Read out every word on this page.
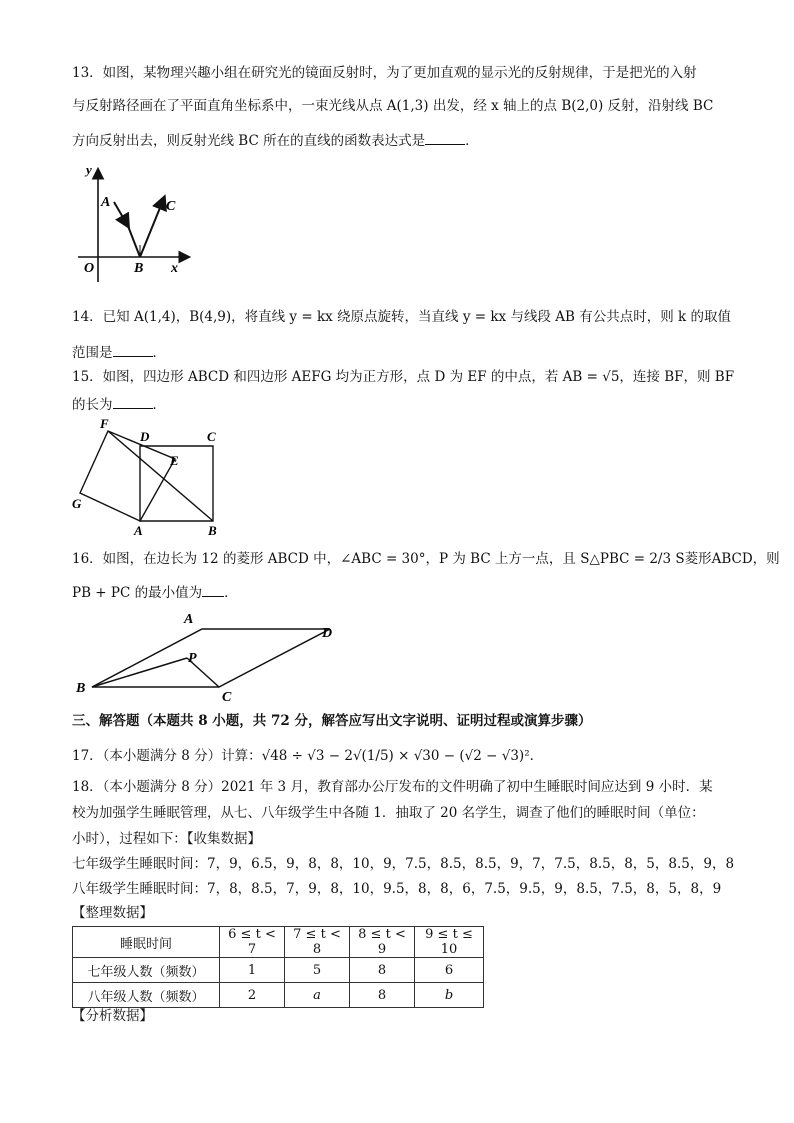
13．如图，某物理兴趣小组在研究光的镜面反射时，为了更加直观的显示光的反射规律，于是把光的入射
与反射路径画在了平面直角坐标系中，一束光线从点 A(1,3) 出发，经 x 轴上的点 B(2,0) 反射，沿射线 BC
方向反射出去，则反射光线 BC 所在的直线的函数表达式是	．
y
A	C
O	B x
14．已知 A(1,4)，B(4,9)，将直线 y = kx 绕原点旋转，当直线 y = kx 与线段 AB 有公共点时，则 k 的取值
范围是	．
15．如图，四边形 ABCD 和四边形 AEFG 均为正方形，点 D 为 EF 的中点，若 AB = √5，连接 BF，则 BF
的长为	．
F
D	C
E
G
A	B
16．如图，在边长为 12 的菱形 ABCD 中，∠ABC = 30°，P 为 BC 上方一点，且 S△PBC = 2/3 S菱形ABCD，则
PB + PC 的最小值为 ．
A
D
P
B
C
三、解答题（本题共 8 小题，共 72 分，解答应写出文字说明、证明过程或演算步骤）
17．（本小题满分 8 分）计算：√48 ÷ √3 − 2√(1/5) × √30 − (√2 − √3)²．
18．（本小题满分 8 分）2021 年 3 月，教育部办公厅发布的文件明确了初中生睡眠时间应达到 9 小时．某
校为加强学生睡眠管理，从七、八年级学生中各随 1．抽取了 20 名学生，调查了他们的睡眠时间（单位：
小时），过程如下：【收集数据】
七年级学生睡眠时间：7，9，6.5，9，8，8，10，9，7.5，8.5，8.5，9，7，7.5，8.5，8，5，8.5，9，8
八年级学生睡眠时间：7，8，8.5，7，9，8，10，9.5，8，8，6，7.5，9.5，9，8.5，7.5，8，5，8，9
【整理数据】
睡眠时间	6 ≤ t < 7	7 ≤ t < 8	8 ≤ t < 9	9 ≤ t ≤ 10
七年级人数（频数）	1	5	8	6
八年级人数（频数）	2	a	8	b
【分析数据】
